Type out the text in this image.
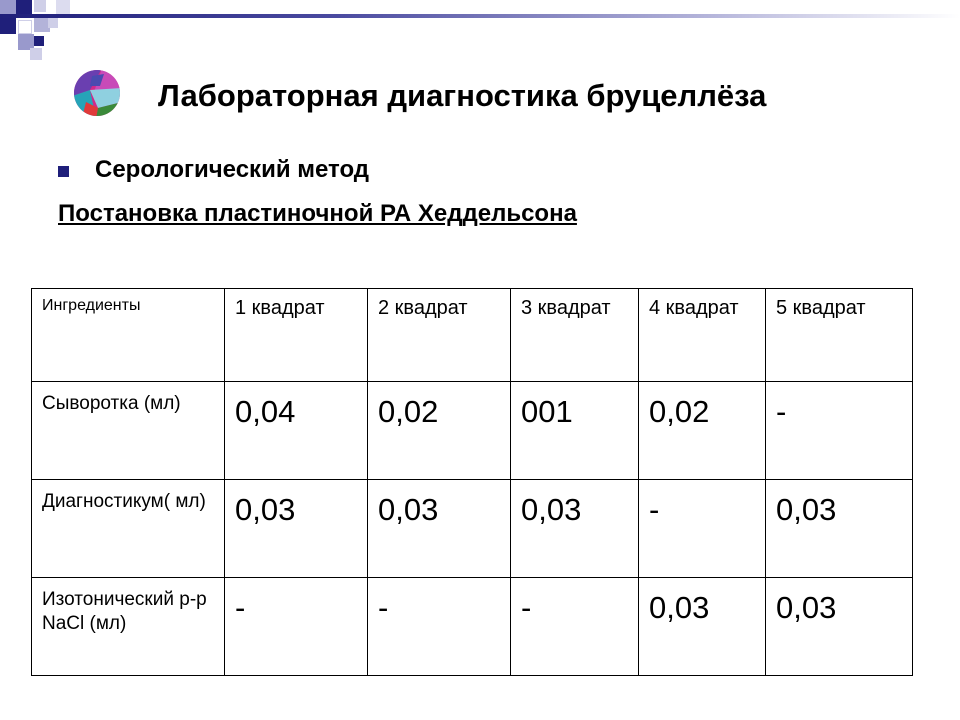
Лабораторная диагностика бруцеллёза
Серологический метод
Постановка пластиночной РА Хеддельсона
Ингредиенты	1 квадрат	2 квадрат	3 квадрат	4 квадрат	5 квадрат
Сыворотка (мл)	0,04	0,02	001	0,02	-
Диагностикум( мл)	0,03	0,03	0,03	-	0,03
Изотонический р-р NaCl (мл)	-	-	-	0,03	0,03
